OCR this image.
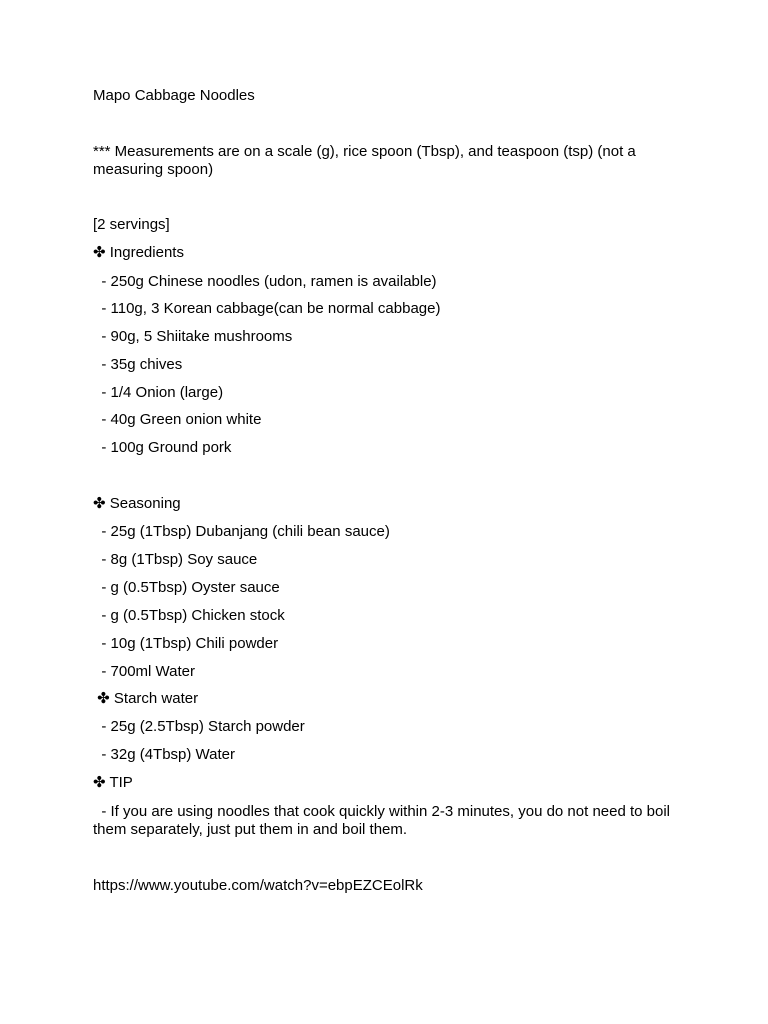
Mapo Cabbage Noodles
*** Measurements are on a scale (g), rice spoon (Tbsp), and teaspoon (tsp) (not a measuring spoon)
[2 servings]
✤ Ingredients
- 250g Chinese noodles (udon, ramen is available)
- 110g, 3 Korean cabbage(can be normal cabbage)
- 90g, 5 Shiitake mushrooms
- 35g chives
- 1/4 Onion (large)
- 40g Green onion white
- 100g Ground pork
✤ Seasoning
- 25g (1Tbsp) Dubanjang (chili bean sauce)
- 8g (1Tbsp) Soy sauce
- g (0.5Tbsp) Oyster sauce
- g (0.5Tbsp) Chicken stock
- 10g (1Tbsp) Chili powder
- 700ml Water
✤ Starch water
- 25g (2.5Tbsp) Starch powder
- 32g (4Tbsp) Water
✤ TIP
- If you are using noodles that cook quickly within 2-3 minutes, you do not need to boil them separately, just put them in and boil them.
https://www.youtube.com/watch?v=ebpEZCEolRk
